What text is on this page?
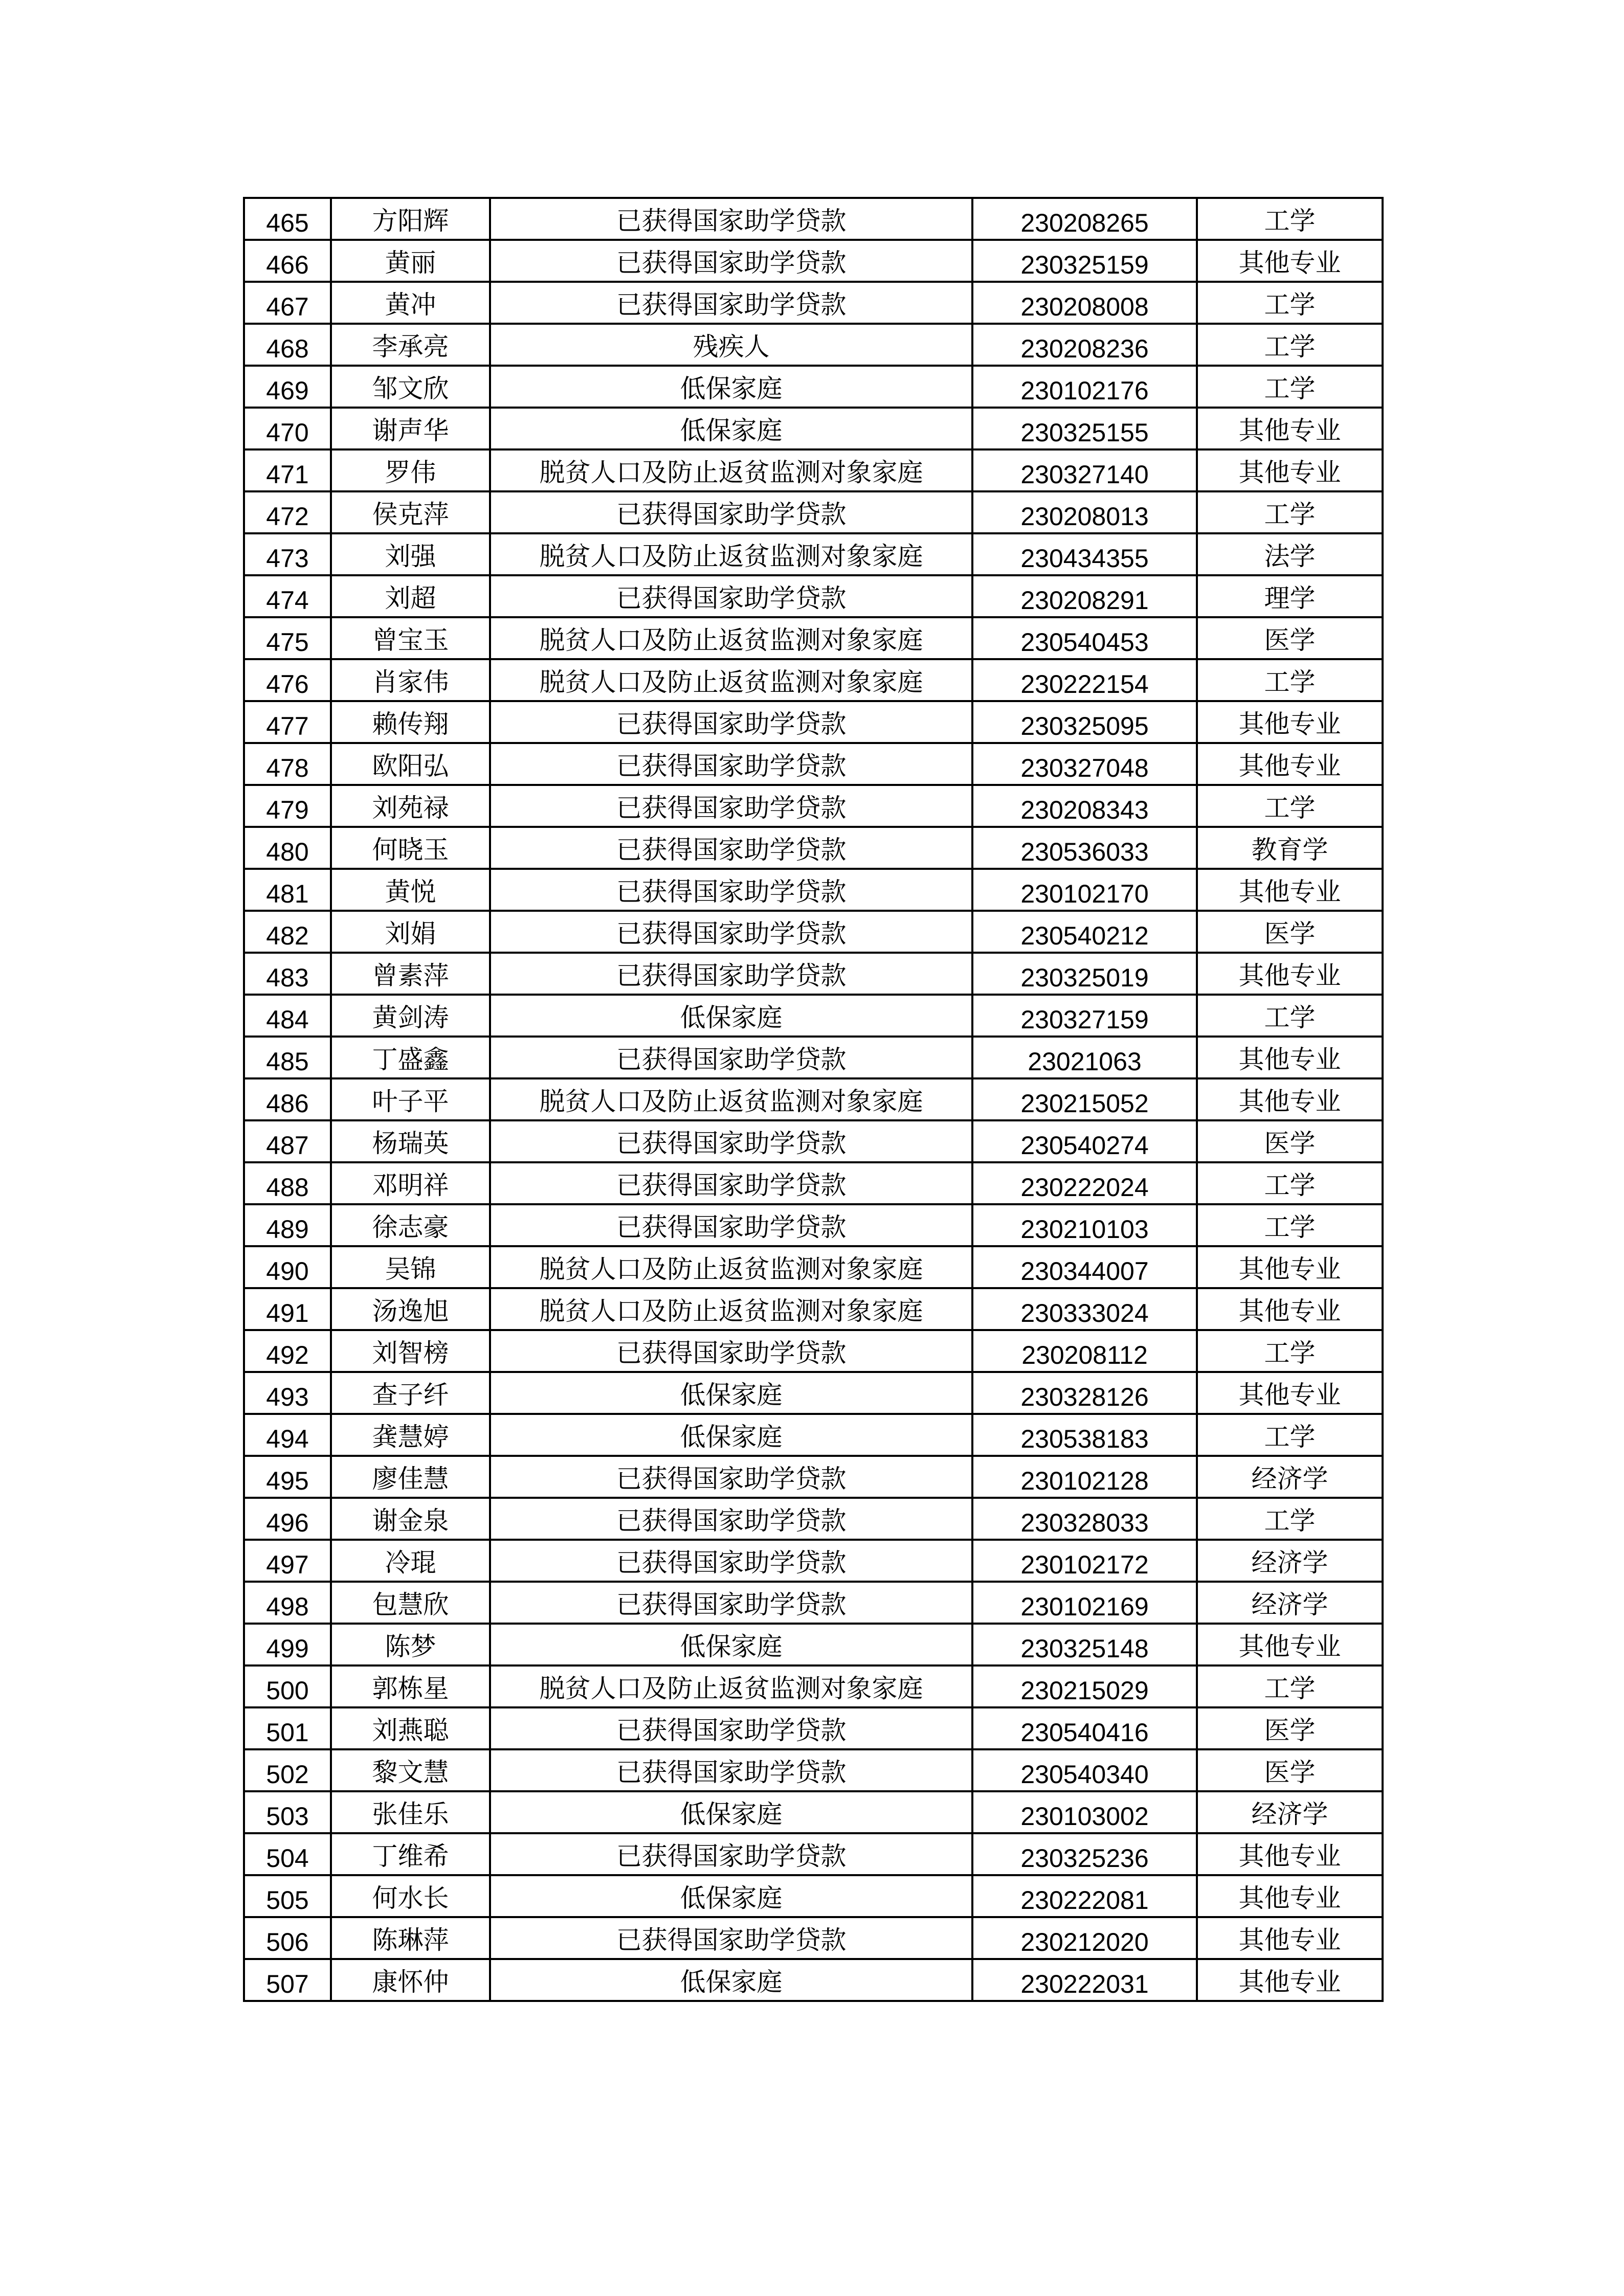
465	方阳辉	已获得国家助学贷款	230208265	工学
466	黄丽	已获得国家助学贷款	230325159	其他专业
467	黄冲	已获得国家助学贷款	230208008	工学
468	李承亮	残疾人	230208236	工学
469	邹文欣	低保家庭	230102176	工学
470	谢声华	低保家庭	230325155	其他专业
471	罗伟	脱贫人口及防止返贫监测对象家庭	230327140	其他专业
472	侯克萍	已获得国家助学贷款	230208013	工学
473	刘强	脱贫人口及防止返贫监测对象家庭	230434355	法学
474	刘超	已获得国家助学贷款	230208291	理学
475	曾宝玉	脱贫人口及防止返贫监测对象家庭	230540453	医学
476	肖家伟	脱贫人口及防止返贫监测对象家庭	230222154	工学
477	赖传翔	已获得国家助学贷款	230325095	其他专业
478	欧阳弘	已获得国家助学贷款	230327048	其他专业
479	刘苑禄	已获得国家助学贷款	230208343	工学
480	何晓玉	已获得国家助学贷款	230536033	教育学
481	黄悦	已获得国家助学贷款	230102170	其他专业
482	刘娟	已获得国家助学贷款	230540212	医学
483	曾素萍	已获得国家助学贷款	230325019	其他专业
484	黄剑涛	低保家庭	230327159	工学
485	丁盛鑫	已获得国家助学贷款	23021063	其他专业
486	叶子平	脱贫人口及防止返贫监测对象家庭	230215052	其他专业
487	杨瑞英	已获得国家助学贷款	230540274	医学
488	邓明祥	已获得国家助学贷款	230222024	工学
489	徐志豪	已获得国家助学贷款	230210103	工学
490	吴锦	脱贫人口及防止返贫监测对象家庭	230344007	其他专业
491	汤逸旭	脱贫人口及防止返贫监测对象家庭	230333024	其他专业
492	刘智榜	已获得国家助学贷款	230208112	工学
493	查子纤	低保家庭	230328126	其他专业
494	龚慧婷	低保家庭	230538183	工学
495	廖佳慧	已获得国家助学贷款	230102128	经济学
496	谢金泉	已获得国家助学贷款	230328033	工学
497	冷琨	已获得国家助学贷款	230102172	经济学
498	包慧欣	已获得国家助学贷款	230102169	经济学
499	陈梦	低保家庭	230325148	其他专业
500	郭栋星	脱贫人口及防止返贫监测对象家庭	230215029	工学
501	刘燕聪	已获得国家助学贷款	230540416	医学
502	黎文慧	已获得国家助学贷款	230540340	医学
503	张佳乐	低保家庭	230103002	经济学
504	丁维希	已获得国家助学贷款	230325236	其他专业
505	何水长	低保家庭	230222081	其他专业
506	陈琳萍	已获得国家助学贷款	230212020	其他专业
507	康怀仲	低保家庭	230222031	其他专业
